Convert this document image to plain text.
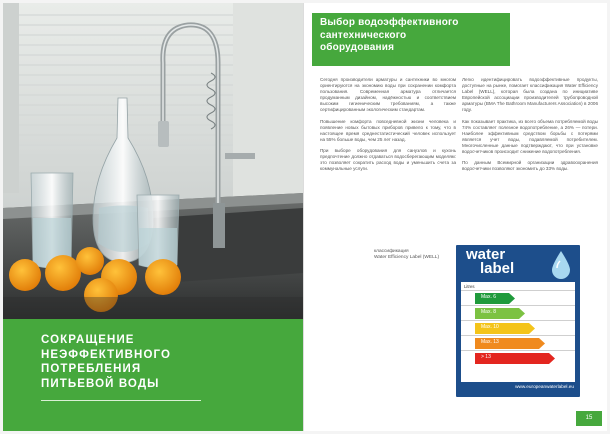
СОКРАЩЕНИЕ
НЕЭФФЕКТИВНОГО
ПОТРЕБЛЕНИЯ
ПИТЬЕВОЙ ВОДЫ
Выбор водоэффективного
сантехнического
оборудования

Сегодня производители арматуры и сантехники во многом ориентируются на экономию воды при сохранении комфорта пользования. Современная арматура отличается продуманным дизайном, надёжностью и соответствием высоким гигиеническим требованиям, а также сертифицированным экологическим стандартам.

Повышение комфорта повседневной жизни человека и появление новых бытовых приборов привело к тому, что в настоящее время среднестатистический человек использует на 55% больше воды, чем 25 лет назад.

При выборе оборудования для санузлов и кухонь предпочтение должно отдаваться водосберегающим моделям: это позволяет сократить расход воды и уменьшить счета за коммунальные услуги.

Легко идентифицировать водоэффективные продукты, доступные на рынке, помогает классификация Water Efficiency Label (WELL), которая была создана по инициативе Европейской ассоциации производителей трубопроводной арматуры (BMA The Bathroom Manufacturers Association) в 2006 году.

Как показывает практика, из всего объема потребляемой воды 74% составляет полезное водопотребление, а 26% — потери. Наиболее эффективным средством борьбы с потерями является учет воды, подавляемой потребителем. Многочисленные данные подтверждают, что при установке водосчетчиков происходит снижение водопотребления.

По данным Всемирной организации здравоохранения водосчетчики позволяют экономить до 33% воды.

классификация
Water Efficiency Label (WELL)	water
label
Litres
Max. 6
Max. 8
Max. 10
Max. 13
> 13
www.europeanwaterlabel.eu
15
